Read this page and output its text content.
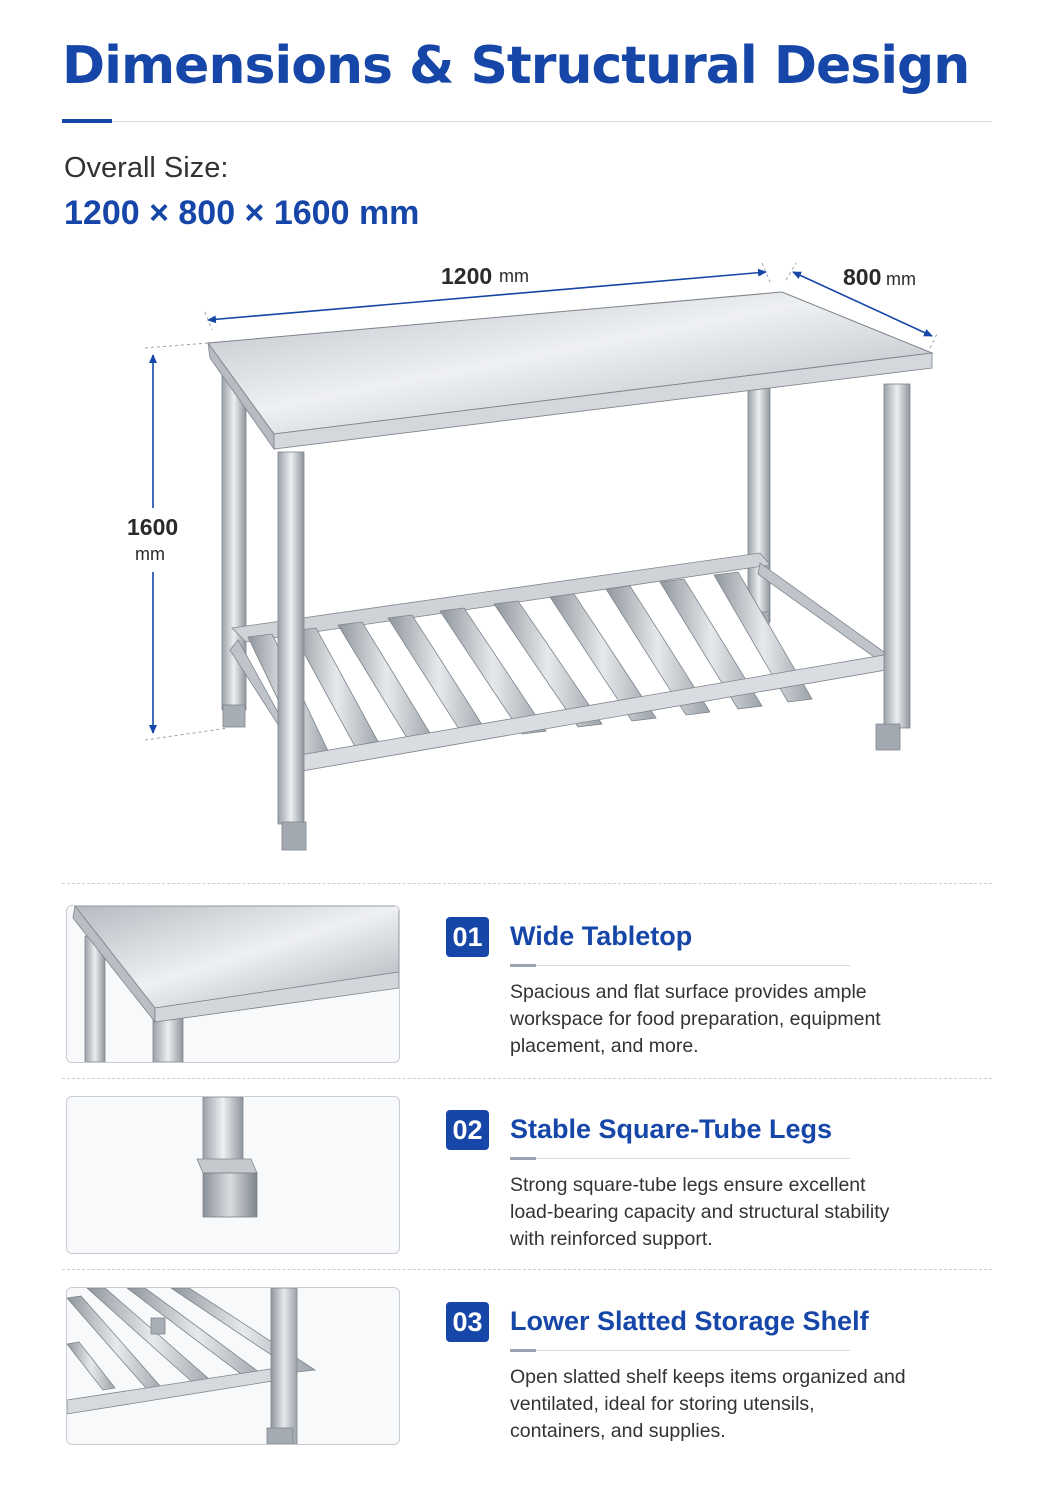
Dimensions & Structural Design
Overall Size:
1200 × 800 × 1600 mm
1200 mm	800 mm
1600
mm
01 Wide Tabletop
Spacious and flat surface provides ample workspace for food preparation, equipment placement, and more.
02 Stable Square-Tube Legs
Strong square-tube legs ensure excellent load-bearing capacity and structural stability with reinforced support.
03 Lower Slatted Storage Shelf
Open slatted shelf keeps items organized and ventilated, ideal for storing utensils, containers, and supplies.
